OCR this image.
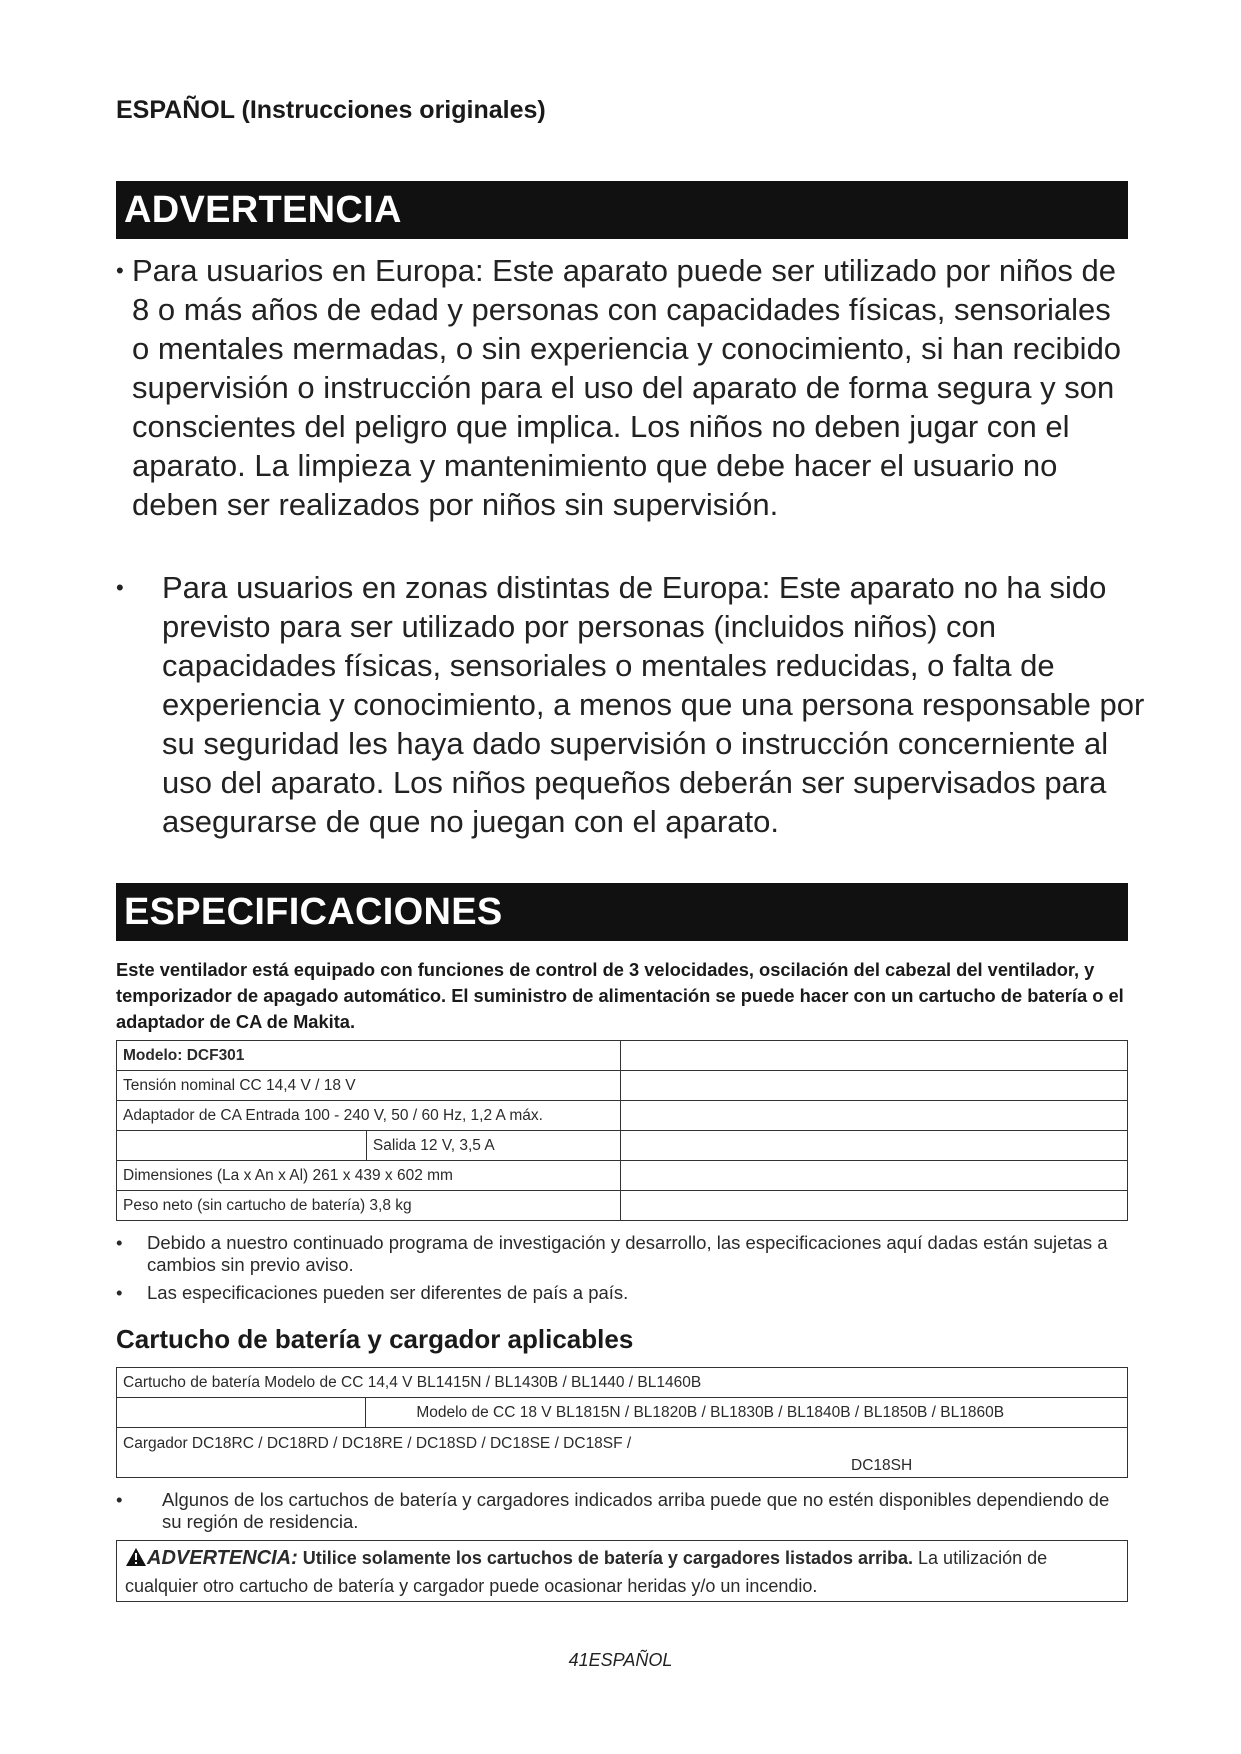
ESPAÑOL (Instrucciones originales)
ADVERTENCIA
• Para usuarios en Europa: Este aparato puede ser utilizado por niños de 8 o más años de edad y personas con capacidades físicas, sensoriales o mentales mermadas, o sin experiencia y conocimiento, si han recibido supervisión o instrucción para el uso del aparato de forma segura y son conscientes del peligro que implica. Los niños no deben jugar con el aparato. La limpieza y mantenimiento que debe hacer el usuario no deben ser realizados por niños sin supervisión.
•	Para usuarios en zonas distintas de Europa: Este aparato no ha sido previsto para ser utilizado por personas (incluidos niños) con capacidades físicas, sensoriales o mentales reducidas, o falta de experiencia y conocimiento, a menos que una persona responsable por su seguridad les haya dado supervisión o instrucción concerniente al uso del aparato. Los niños pequeños deberán ser supervisados para asegurarse de que no juegan con el aparato.
ESPECIFICACIONES
Este ventilador está equipado con funciones de control de 3 velocidades, oscilación del cabezal del ventilador, y temporizador de apagado automático. El suministro de alimentación se puede hacer con un cartucho de batería o el adaptador de CA de Makita.
Modelo: DCF301		
Tensión nominal CC 14,4 V / 18 V		
Adaptador de CA Entrada 100 - 240 V, 50 / 60 Hz, 1,2 A máx.		
	Salida 12 V, 3,5 A	
Dimensiones (La x An x Al) 261 x 439 x 602 mm		
Peso neto (sin cartucho de batería) 3,8 kg		
•	Debido a nuestro continuado programa de investigación y desarrollo, las especificaciones aquí dadas están sujetas a cambios sin previo aviso.
•	Las especificaciones pueden ser diferentes de país a país.
Cartucho de batería y cargador aplicables
Cartucho de batería Modelo de CC 14,4 V BL1415N / BL1430B / BL1440 / BL1460B
	Modelo de CC 18 V BL1815N / BL1820B / BL1830B / BL1840B / BL1850B / BL1860B

Cargador DC18RC / DC18RD / DC18RE / DC18SD / DC18SE / DC18SF /
DC18SH
•	Algunos de los cartuchos de batería y cargadores indicados arriba puede que no estén disponibles dependiendo de su región de residencia.
ADVERTENCIA: Utilice solamente los cartuchos de batería y cargadores listados arriba. La utilización de cualquier otro cartucho de batería y cargador puede ocasionar heridas y/o un incendio.
41ESPAÑOL
